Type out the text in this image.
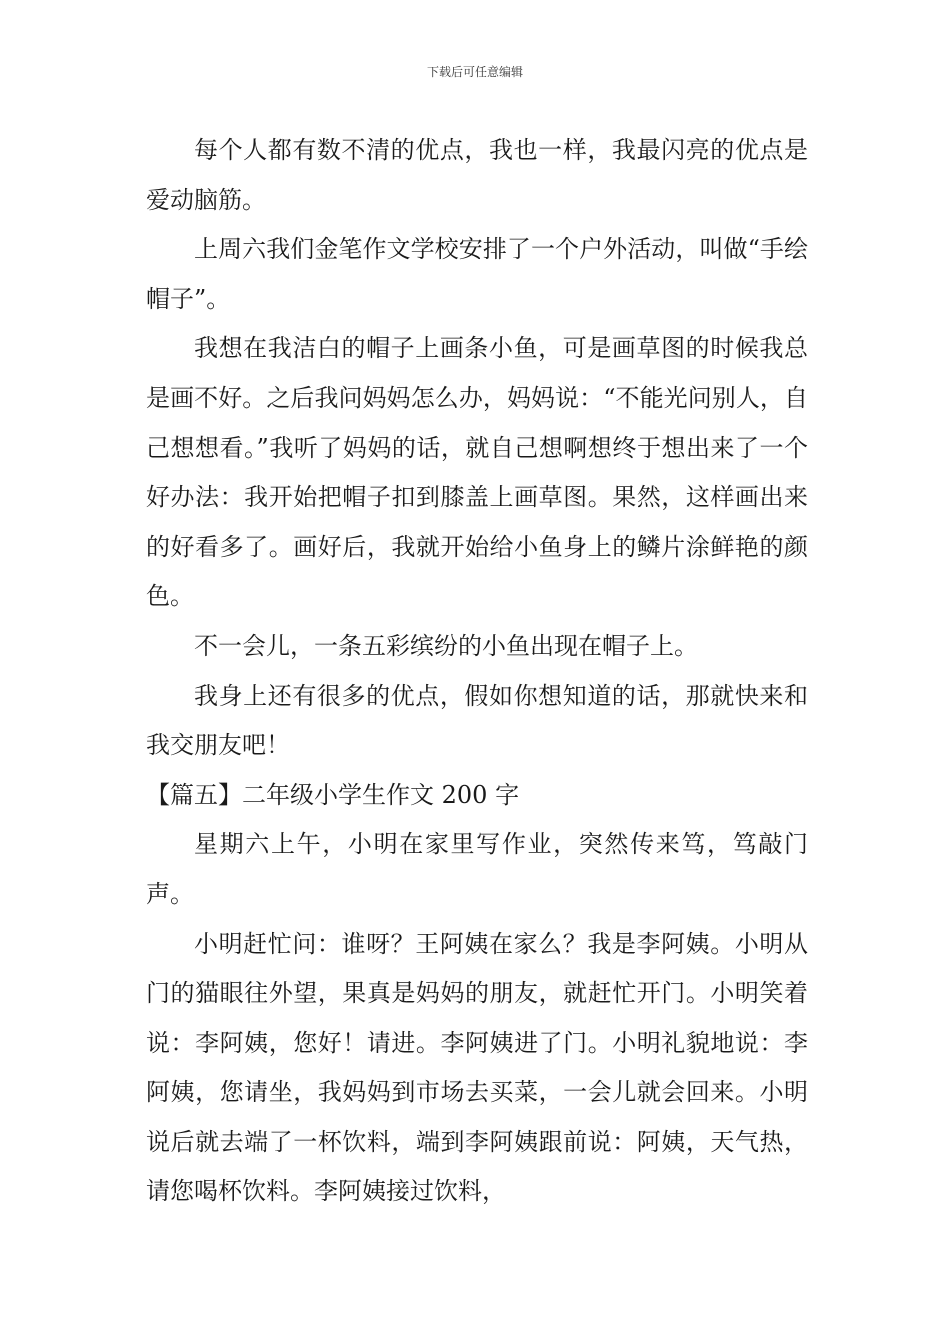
下载后可任意编辑

每个人都有数不清的优点，我也一样，我最闪亮的优点是爱动脑筋。

上周六我们金笔作文学校安排了一个户外活动，叫做“手绘帽子”。

我想在我洁白的帽子上画条小鱼，可是画草图的时候我总是画不好。之后我问妈妈怎么办，妈妈说：“不能光问别人，自己想想看。”我听了妈妈的话，就自己想啊想终于想出来了一个好办法：我开始把帽子扣到膝盖上画草图。果然，这样画出来的好看多了。画好后，我就开始给小鱼身上的鳞片涂鲜艳的颜色。

不一会儿，一条五彩缤纷的小鱼出现在帽子上。

我身上还有很多的优点，假如你想知道的话，那就快来和我交朋友吧！

【篇五】二年级小学生作文 200 字

星期六上午，小明在家里写作业，突然传来笃，笃敲门声。

小明赶忙问：谁呀？王阿姨在家么？我是李阿姨。小明从门的猫眼往外望，果真是妈妈的朋友，就赶忙开门。小明笑着说：李阿姨，您好！请进。李阿姨进了门。小明礼貌地说：李阿姨，您请坐，我妈妈到市场去买菜，一会儿就会回来。小明说后就去端了一杯饮料，端到李阿姨跟前说：阿姨，天气热，请您喝杯饮料。李阿姨接过饮料，
